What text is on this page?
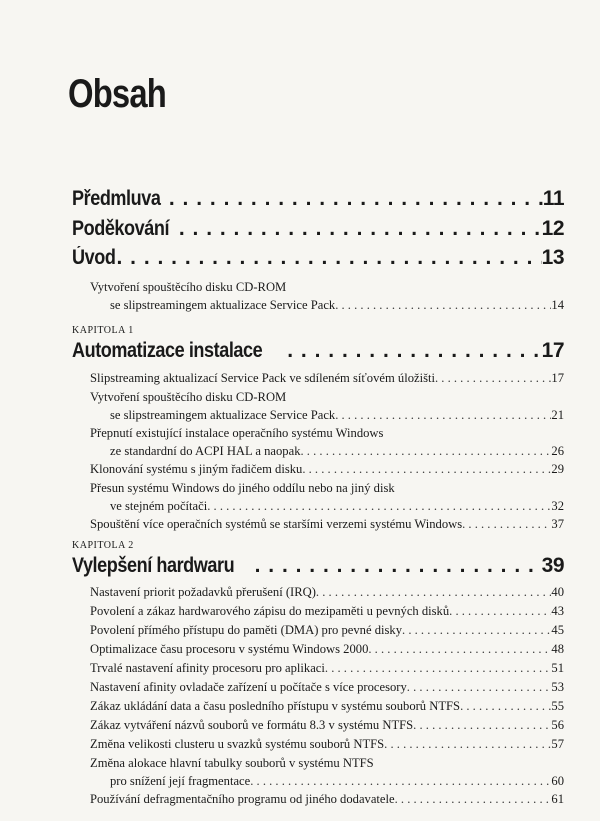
Obsah
Předmluva . . .	11
Poděkování . . .	12
Úvod . . .	13
Vytvoření spouštěcího disku CD-ROM
se slipstreamingem aktualizace Service Pack . . .	14
KAPITOLA 1
Automatizace instalace . . .	17
Slipstreaming aktualizací Service Pack ve sdíleném síťovém úložišti . . .	17
Vytvoření spouštěcího disku CD-ROM
se slipstreamingem aktualizace Service Pack . . .	21
Přepnutí existující instalace operačního systému Windows
ze standardní do ACPI HAL a naopak . . .	26
Klonování systému s jiným řadičem disku . . .	29
Přesun systému Windows do jiného oddílu nebo na jiný disk
ve stejném počítači . . .	32
Spouštění více operačních systémů se staršími verzemi systému Windows . . .	37
KAPITOLA 2
Vylepšení hardwaru . . .	39
Nastavení priorit požadavků přerušení (IRQ) . . .	40
Povolení a zákaz hardwarového zápisu do mezipaměti u pevných disků . . .	43
Povolení přímého přístupu do paměti (DMA) pro pevné disky . . .	45
Optimalizace času procesoru v systému Windows 2000 . . .	48
Trvalé nastavení afinity procesoru pro aplikaci . . .	51
Nastavení afinity ovladače zařízení u počítače s více procesory . . .	53
Zákaz ukládání data a času posledního přístupu v systému souborů NTFS . . .	55
Zákaz vytváření názvů souborů ve formátu 8.3 v systému NTFS . . .	56
Změna velikosti clusteru u svazků systému souborů NTFS . . .	57
Změna alokace hlavní tabulky souborů v systému NTFS
pro snížení její fragmentace . . .	60
Používání defragmentačního programu od jiného dodavatele . . .	61
